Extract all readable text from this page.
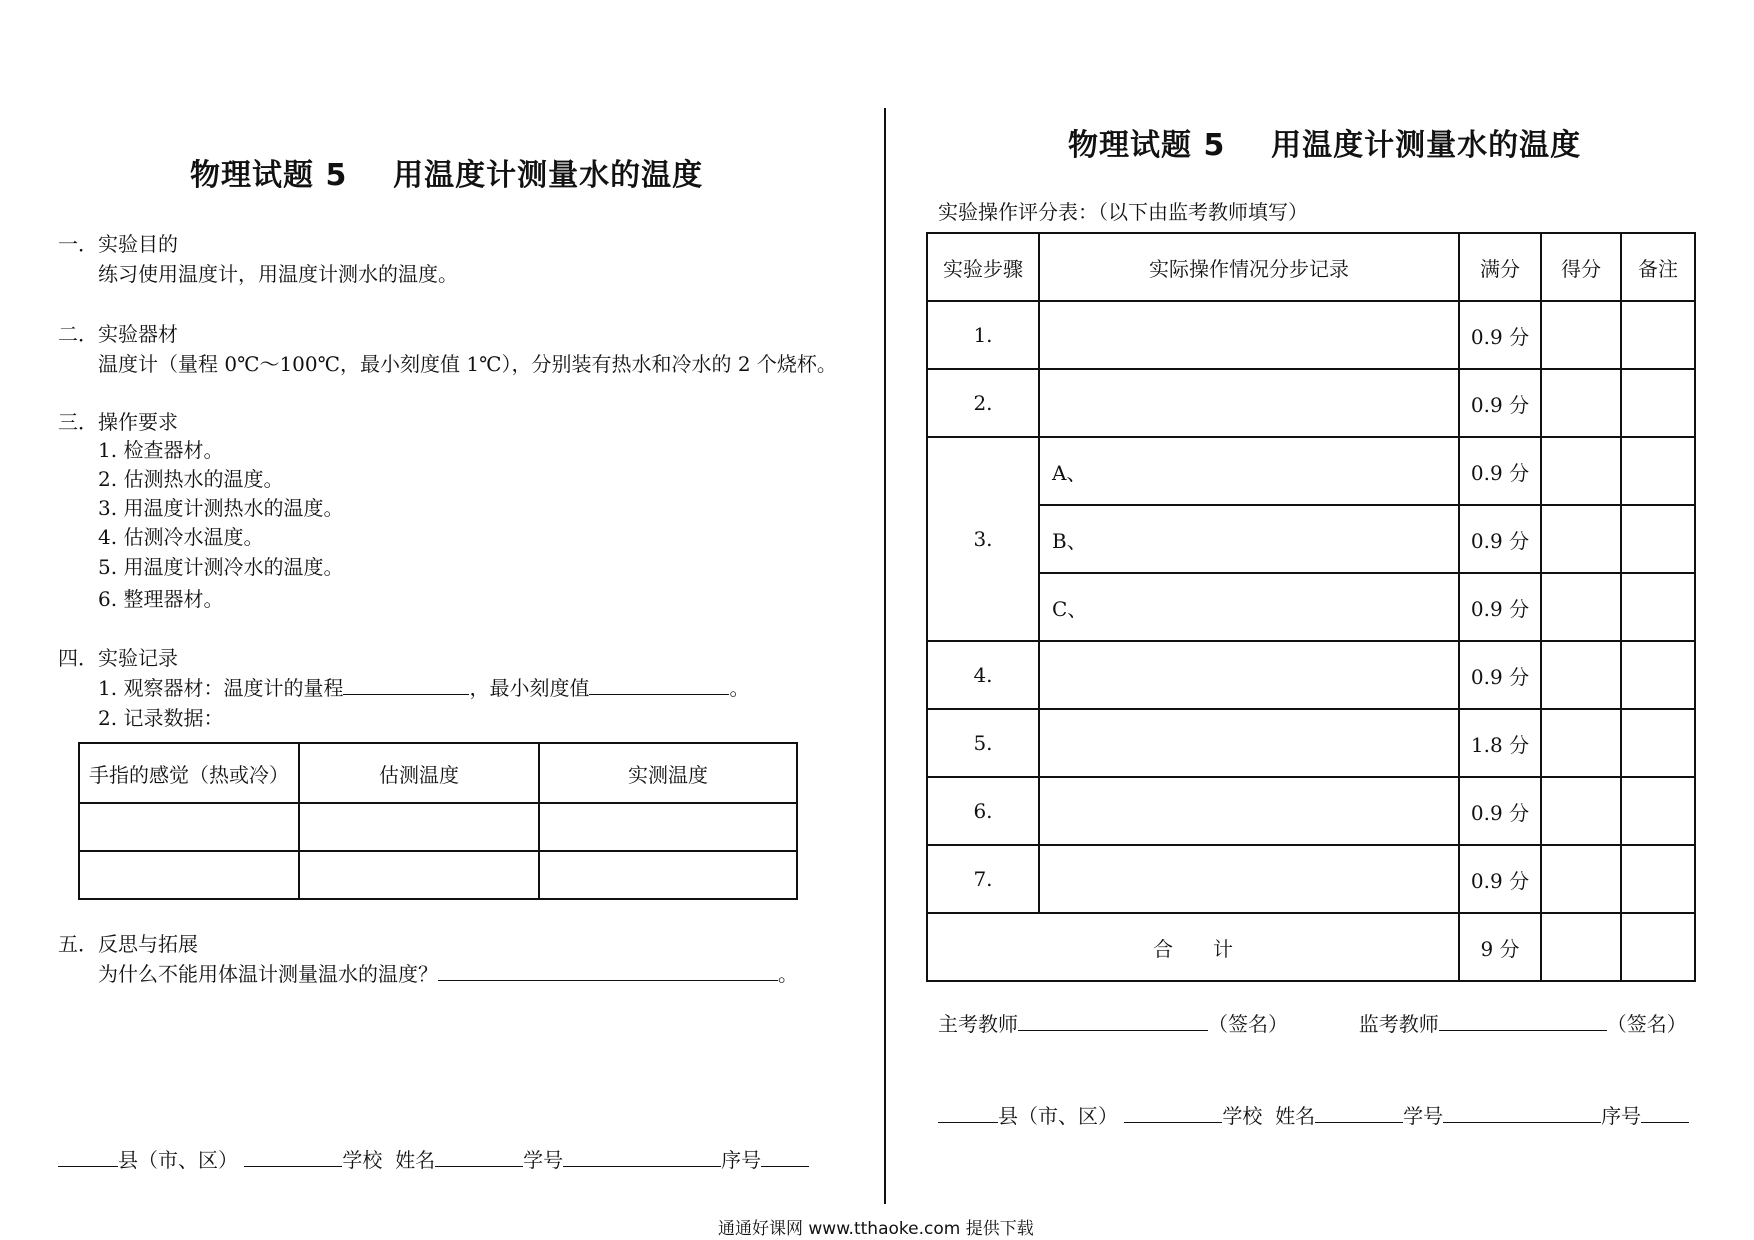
物理试题 5    用温度计测量水的温度
一．实验目的
练习使用温度计，用温度计测水的温度。
二．实验器材
温度计（量程 0℃～100℃，最小刻度值 1℃），分别装有热水和冷水的 2 个烧杯。
三．操作要求
1. 检查器材。
2. 估测热水的温度。
3. 用温度计测热水的温度。
4. 估测冷水温度。
5. 用温度计测冷水的温度。
6. 整理器材。
四．实验记录
1. 观察器材：温度计的量程	，最小刻度值	。
2. 记录数据：
手指的感觉（热或冷）	估测温度	实测温度

五．反思与拓展
为什么不能用体温计测量温水的温度？	。
县（市、区）	学校 姓名	学号	序号
物理试题 5    用温度计测量水的温度
实验操作评分表：（以下由监考教师填写）
实验步骤	实际操作情况分步记录	满分	得分	备注
1.		0.9 分		
2.		0.9 分		
3.	A、	0.9 分		
	B、	0.9 分		
	C、	0.9 分		
4.		0.9 分		
5.		1.8 分		
6.		0.9 分		
7.		0.9 分		
合　　计		9 分		
主考教师	（签名）	监考教师	（签名）
县（市、区）	学校 姓名	学号	序号
通通好课网 www.tthaoke.com 提供下载
